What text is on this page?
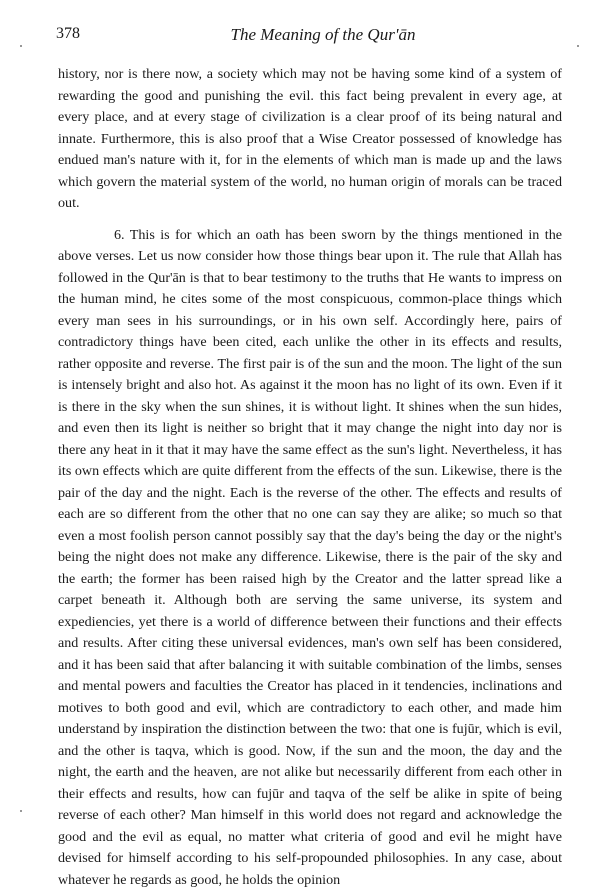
378	The Meaning of the Qur'ān

history, nor is there now, a society which may not be having some kind of a system of rewarding the good and punishing the evil. this fact being prevalent in every age, at every place, and at every stage of civilization is a clear proof of its being natural and innate. Furthermore, this is also proof that a Wise Creator possessed of knowledge has endued man's nature with it, for in the elements of which man is made up and the laws which govern the material system of the world, no human origin of morals can be traced out.

6. This is for which an oath has been sworn by the things mentioned in the above verses. Let us now consider how those things bear upon it. The rule that Allah has followed in the Qur'ān is that to bear testimony to the truths that He wants to impress on the human mind, he cites some of the most conspicuous, common-place things which every man sees in his surroundings, or in his own self. Accordingly here, pairs of contradictory things have been cited, each unlike the other in its effects and results, rather opposite and reverse. The first pair is of the sun and the moon. The light of the sun is intensely bright and also hot. As against it the moon has no light of its own. Even if it is there in the sky when the sun shines, it is without light. It shines when the sun hides, and even then its light is neither so bright that it may change the night into day nor is there any heat in it that it may have the same effect as the sun's light. Nevertheless, it has its own effects which are quite different from the effects of the sun. Likewise, there is the pair of the day and the night. Each is the reverse of the other. The effects and results of each are so different from the other that no one can say they are alike; so much so that even a most foolish person cannot possibly say that the day's being the day or the night's being the night does not make any difference. Likewise, there is the pair of the sky and the earth; the former has been raised high by the Creator and the latter spread like a carpet beneath it. Although both are serving the same universe, its system and expediencies, yet there is a world of difference between their functions and their effects and results. After citing these universal evidences, man's own self has been considered, and it has been said that after balancing it with suitable combination of the limbs, senses and mental powers and faculties the Creator has placed in it tendencies, inclinations and motives to both good and evil, which are contradictory to each other, and made him understand by inspiration the distinction between the two: that one is fujūr, which is evil, and the other is taqva, which is good. Now, if the sun and the moon, the day and the night, the earth and the heaven, are not alike but necessarily different from each other in their effects and results, how can fujūr and taqva of the self be alike in spite of being reverse of each other? Man himself in this world does not regard and acknowledge the good and the evil as equal, no matter what criteria of good and evil he might have devised for himself according to his self-propounded philosophies. In any case, about whatever he regards as good, he holds the opinion
